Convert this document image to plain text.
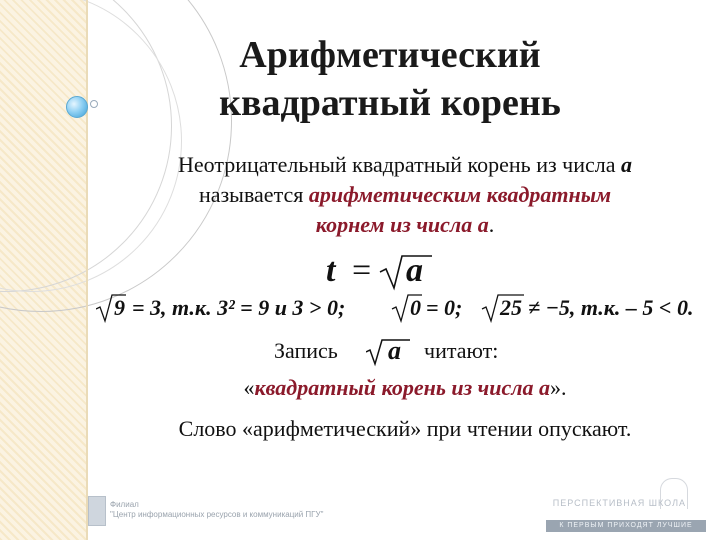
Арифметический
квадратный корень
Неотрицательный квадратный корень из числа a
называется арифметическим квадратным
корнем из числа а.
t = a
9 = 3, т.к. 3² = 9 и 3 > 0;	0 = 0; 25 ≠ −5, т.к. – 5 < 0.
Запись a читают:
«квадратный корень из числа а».
Слово «арифметический» при чтении опускают.
Филиал
"Центр информационных ресурсов и коммуникаций ПГУ"
ПЕРСПЕКТИВНАЯ ШКОЛА
К ПЕРВЫМ ПРИХОДЯТ ЛУЧШИЕ
